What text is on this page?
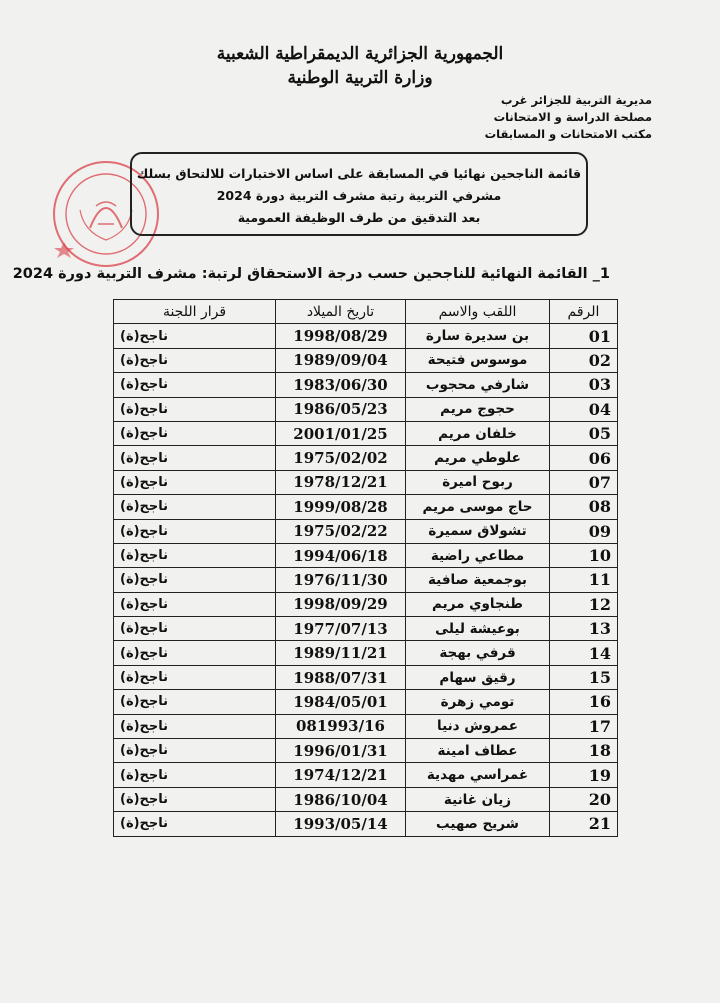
الجمهورية الجزائرية الديمقراطية الشعبية
وزارة التربية الوطنية
مديرية التربية للجزائر غرب
مصلحة الدراسة و الامتحانات
مكتب الامتحانات و المسابقات
قائمة الناجحين نهائيا في المسابقة على اساس الاختبارات للالتحاق بسلك
مشرفي التربية رتبة مشرف التربية دورة 2024
بعد التدقيق من طرف الوظيفة العمومية
1_ القائمة النهائية للناجحين حسب درجة الاستحقاق لرتبة: مشرف التربية دورة 2024
الرقم	اللقب والاسم	تاريخ الميلاد	قرار اللجنة
01	بن سديرة سارة	1998/08/29	ناجح(ة)
02	موسوس فتيحة	1989/09/04	ناجح(ة)
03	شارفي محجوب	1983/06/30	ناجح(ة)
04	حجوج مريم	1986/05/23	ناجح(ة)
05	خلفان مريم	2001/01/25	ناجح(ة)
06	علوطي مريم	1975/02/02	ناجح(ة)
07	ربوح اميرة	1978/12/21	ناجح(ة)
08	حاج موسى مريم	1999/08/28	ناجح(ة)
09	تشولاق سميرة	1975/02/22	ناجح(ة)
10	مطاعي راضية	1994/06/18	ناجح(ة)
11	بوجمعية صافية	1976/11/30	ناجح(ة)
12	طنجاوي مريم	1998/09/29	ناجح(ة)
13	بوعيشة ليلى	1977/07/13	ناجح(ة)
14	قرفي بهجة	1989/11/21	ناجح(ة)
15	رقيق سهام	1988/07/31	ناجح(ة)
16	تومي زهرة	1984/05/01	ناجح(ة)
17	عمروش دنيا	081993/16	ناجح(ة)
18	عطاف امينة	1996/01/31	ناجح(ة)
19	غمراسي مهدية	1974/12/21	ناجح(ة)
20	زيان غانية	1986/10/04	ناجح(ة)
21	شريح صهيب	1993/05/14	ناجح(ة)
